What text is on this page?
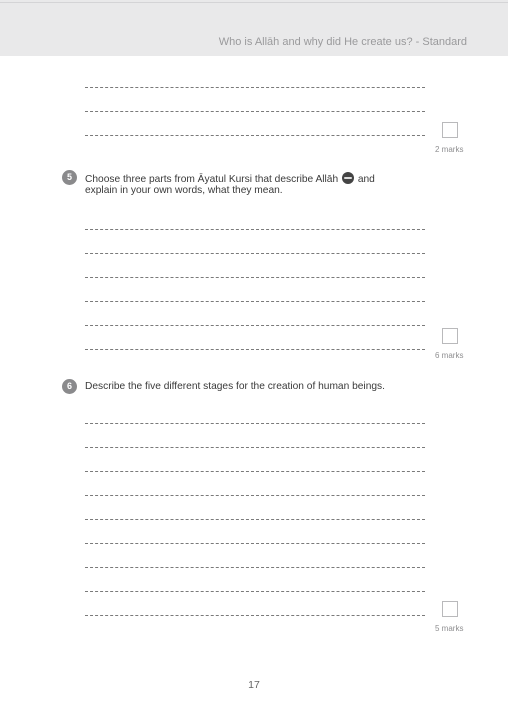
Who is Allāh and why did He create us? - Standard
2 marks
5	Choose three parts from Āyatul Kursi that describe Allāh and
explain in your own words, what they mean.
6 marks
6	Describe the five different stages for the creation of human beings.
5 marks
17
